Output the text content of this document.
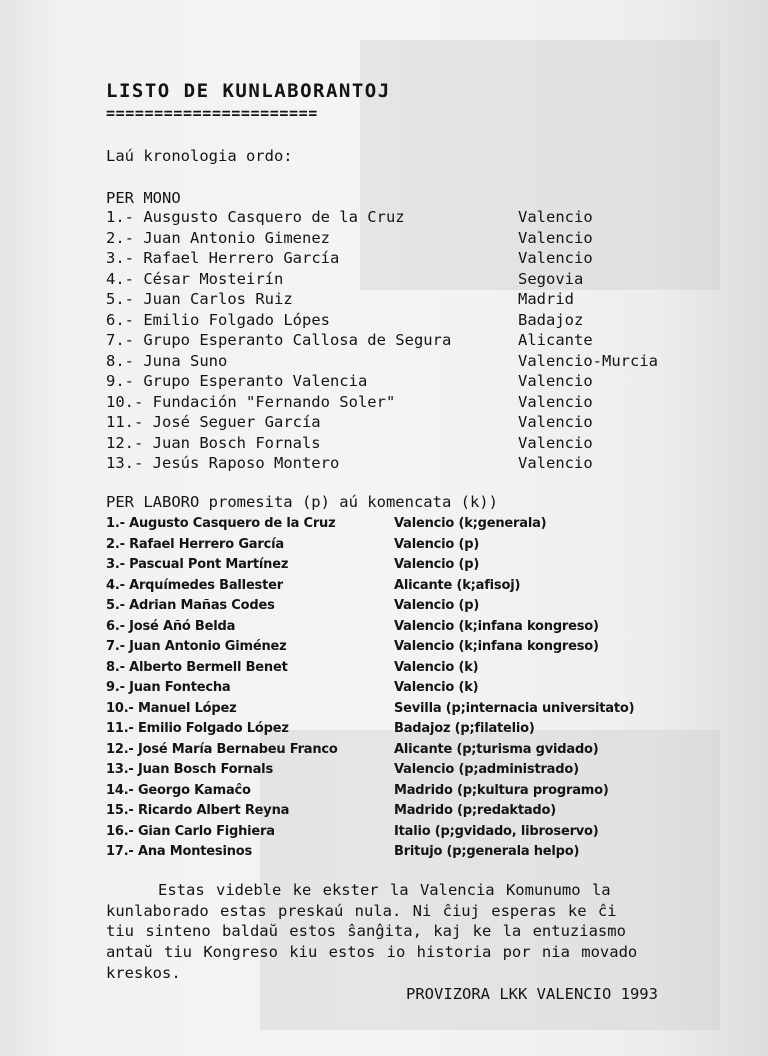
LISTO DE KUNLABORANTOJ
======================
Laú kronologia ordo:
PER MONO
1.- Ausgusto Casquero de la Cruz	Valencio
2.- Juan Antonio Gimenez	Valencio
3.- Rafael Herrero García	Valencio
4.- César Mosteirín	Segovia
5.- Juan Carlos Ruiz	Madrid
6.- Emilio Folgado Lópes	Badajoz
7.- Grupo Esperanto Callosa de Segura	Alicante
8.- Juna Suno	Valencio-Murcia
9.- Grupo Esperanto Valencia	Valencio
10.- Fundación "Fernando Soler"	Valencio
11.- José Seguer García	Valencio
12.- Juan Bosch Fornals	Valencio
13.- Jesús Raposo Montero	Valencio
PER LABORO promesita (p) aú komencata (k))
1.- Augusto Casquero de la Cruz	Valencio (k;generala)
2.- Rafael Herrero García	Valencio (p)
3.- Pascual Pont Martínez	Valencio (p)
4.- Arquímedes Ballester	Alicante (k;afisoj)
5.- Adrian Mañas Codes	Valencio (p)
6.- José Añó Belda	Valencio (k;infana kongreso)
7.- Juan Antonio Giménez	Valencio (k;infana kongreso)
8.- Alberto Bermell Benet	Valencio (k)
9.- Juan Fontecha	Valencio (k)
10.- Manuel López	Sevilla (p;internacia universitato)
11.- Emilio Folgado López	Badajoz (p;filatelio)
12.- José María Bernabeu Franco	Alicante (p;turisma gvidado)
13.- Juan Bosch Fornals	Valencio (p;administrado)
14.- Georgo Kamaĉo	Madrido (p;kultura programo)
15.- Ricardo Albert Reyna	Madrido (p;redaktado)
16.- Gian Carlo Fighiera	Italio (p;gvidado, libroservo)
17.- Ana Montesinos	Britujo (p;generala helpo)
Estas videble ke ekster la Valencia Komunumo la
kunlaborado estas preskaú nula. Ni ĉiuj esperas ke ĉi
tiu sinteno baldaŭ estos ŝanĝita, kaj ke la entuziasmo
antaŭ tiu Kongreso kiu estos io historia por nia movado
kreskos.
PROVIZORA LKK VALENCIO 1993
